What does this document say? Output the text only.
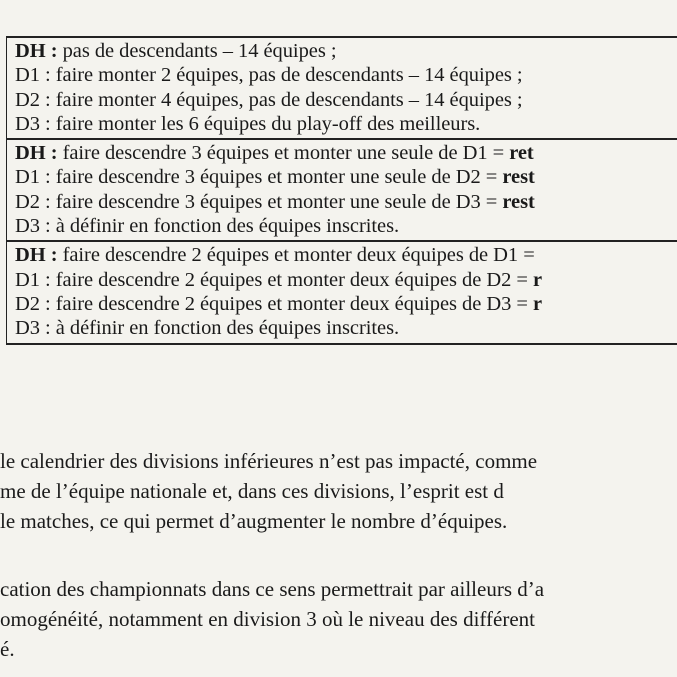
DH : pas de descendants – 14 équipes ;
D1 : faire monter 2 équipes, pas de descendants – 14 équipes ;
D2 : faire monter 4 équipes, pas de descendants – 14 équipes ;
D3 : faire monter les 6 équipes du play-off des meilleurs.
DH : faire descendre 3 équipes et monter une seule de D1 = ret
D1 : faire descendre 3 équipes et monter une seule de D2 = rest
D2 : faire descendre 3 équipes et monter une seule de D3 = rest
D3 : à définir en fonction des équipes inscrites.
DH : faire descendre 2 équipes et monter deux équipes de D1 =
D1 : faire descendre 2 équipes et monter deux équipes de D2 = r
D2 : faire descendre 2 équipes et monter deux équipes de D3 = r
D3 : à définir en fonction des équipes inscrites.
le calendrier des divisions inférieures n’est pas impacté, comme
me de l’équipe nationale et, dans ces divisions, l’esprit est d
le matches, ce qui permet d’augmenter le nombre d’équipes.
cation des championnats dans ce sens permettrait par ailleurs d’a
omogénéité, notamment en division 3 où le niveau des différent
é.
